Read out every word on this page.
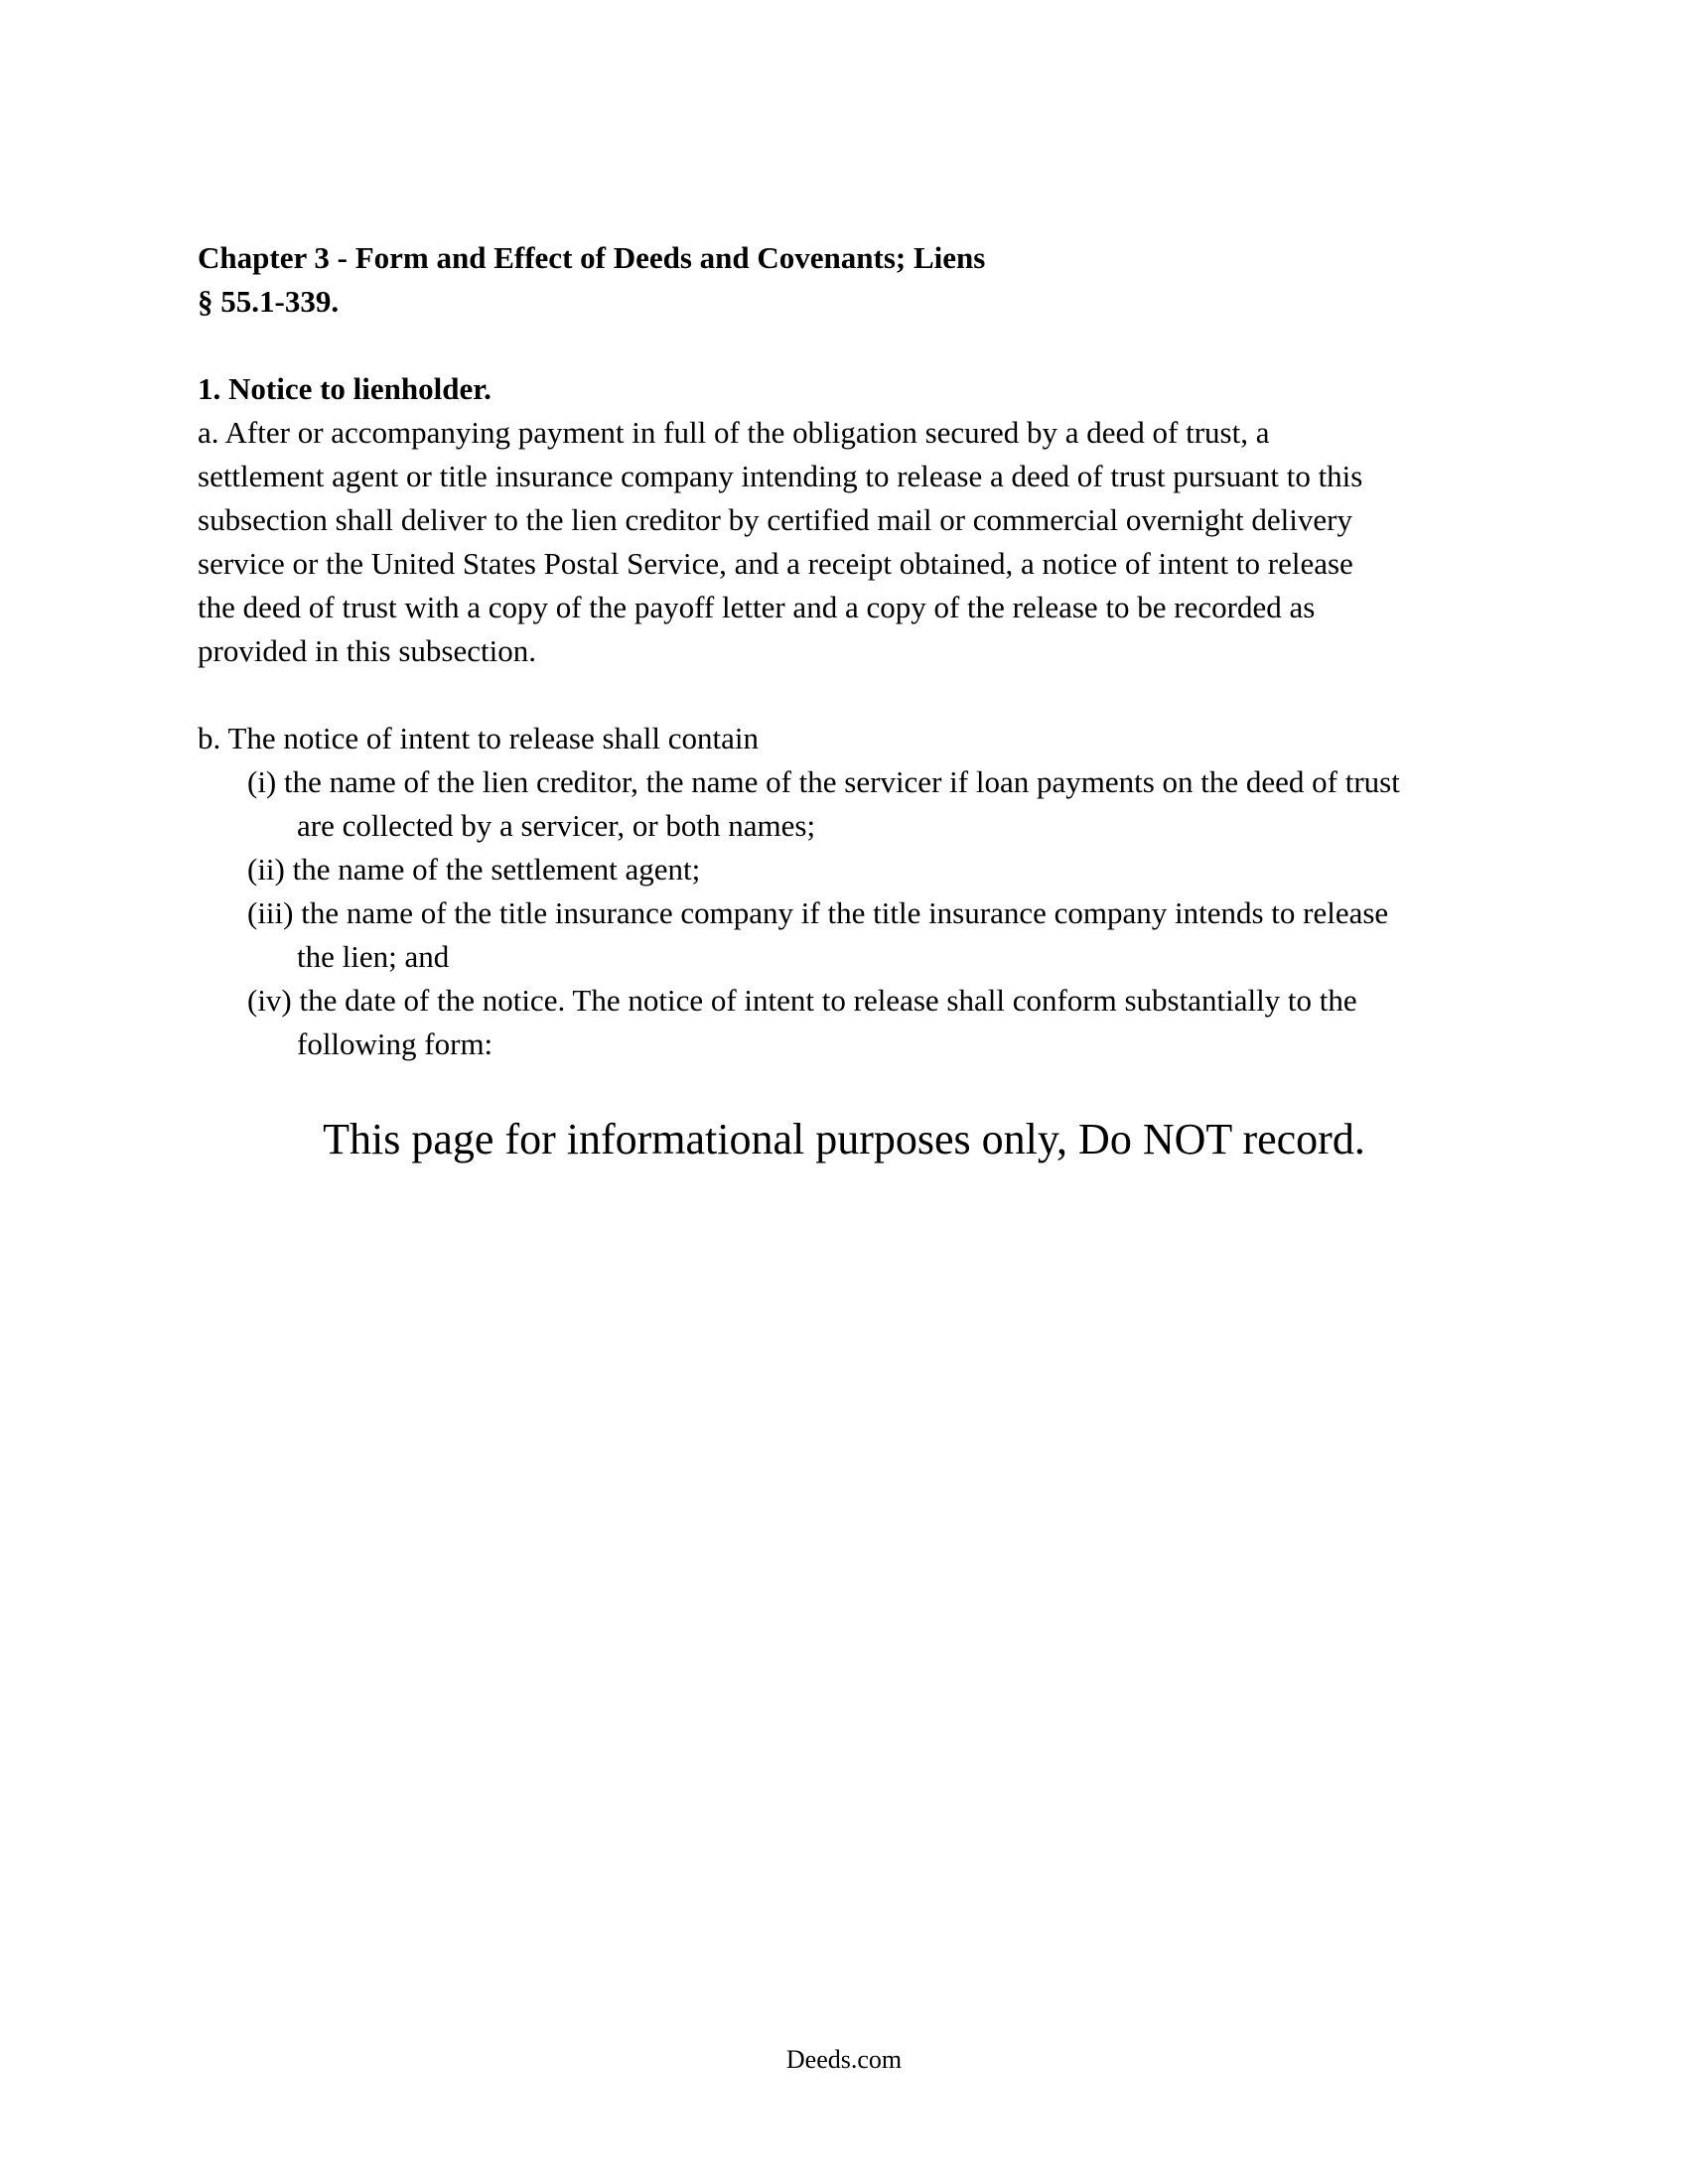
Chapter 3 - Form and Effect of Deeds and Covenants; Liens
§ 55.1-339.
1. Notice to lienholder.
a. After or accompanying payment in full of the obligation secured by a deed of trust, a
settlement agent or title insurance company intending to release a deed of trust pursuant to this
subsection shall deliver to the lien creditor by certified mail or commercial overnight delivery
service or the United States Postal Service, and a receipt obtained, a notice of intent to release
the deed of trust with a copy of the payoff letter and a copy of the release to be recorded as
provided in this subsection.
b. The notice of intent to release shall contain
(i) the name of the lien creditor, the name of the servicer if loan payments on the deed of trust
are collected by a servicer, or both names;
(ii) the name of the settlement agent;
(iii) the name of the title insurance company if the title insurance company intends to release
the lien; and
(iv) the date of the notice. The notice of intent to release shall conform substantially to the
following form:
This page for informational purposes only, Do NOT record.
Deeds.com
